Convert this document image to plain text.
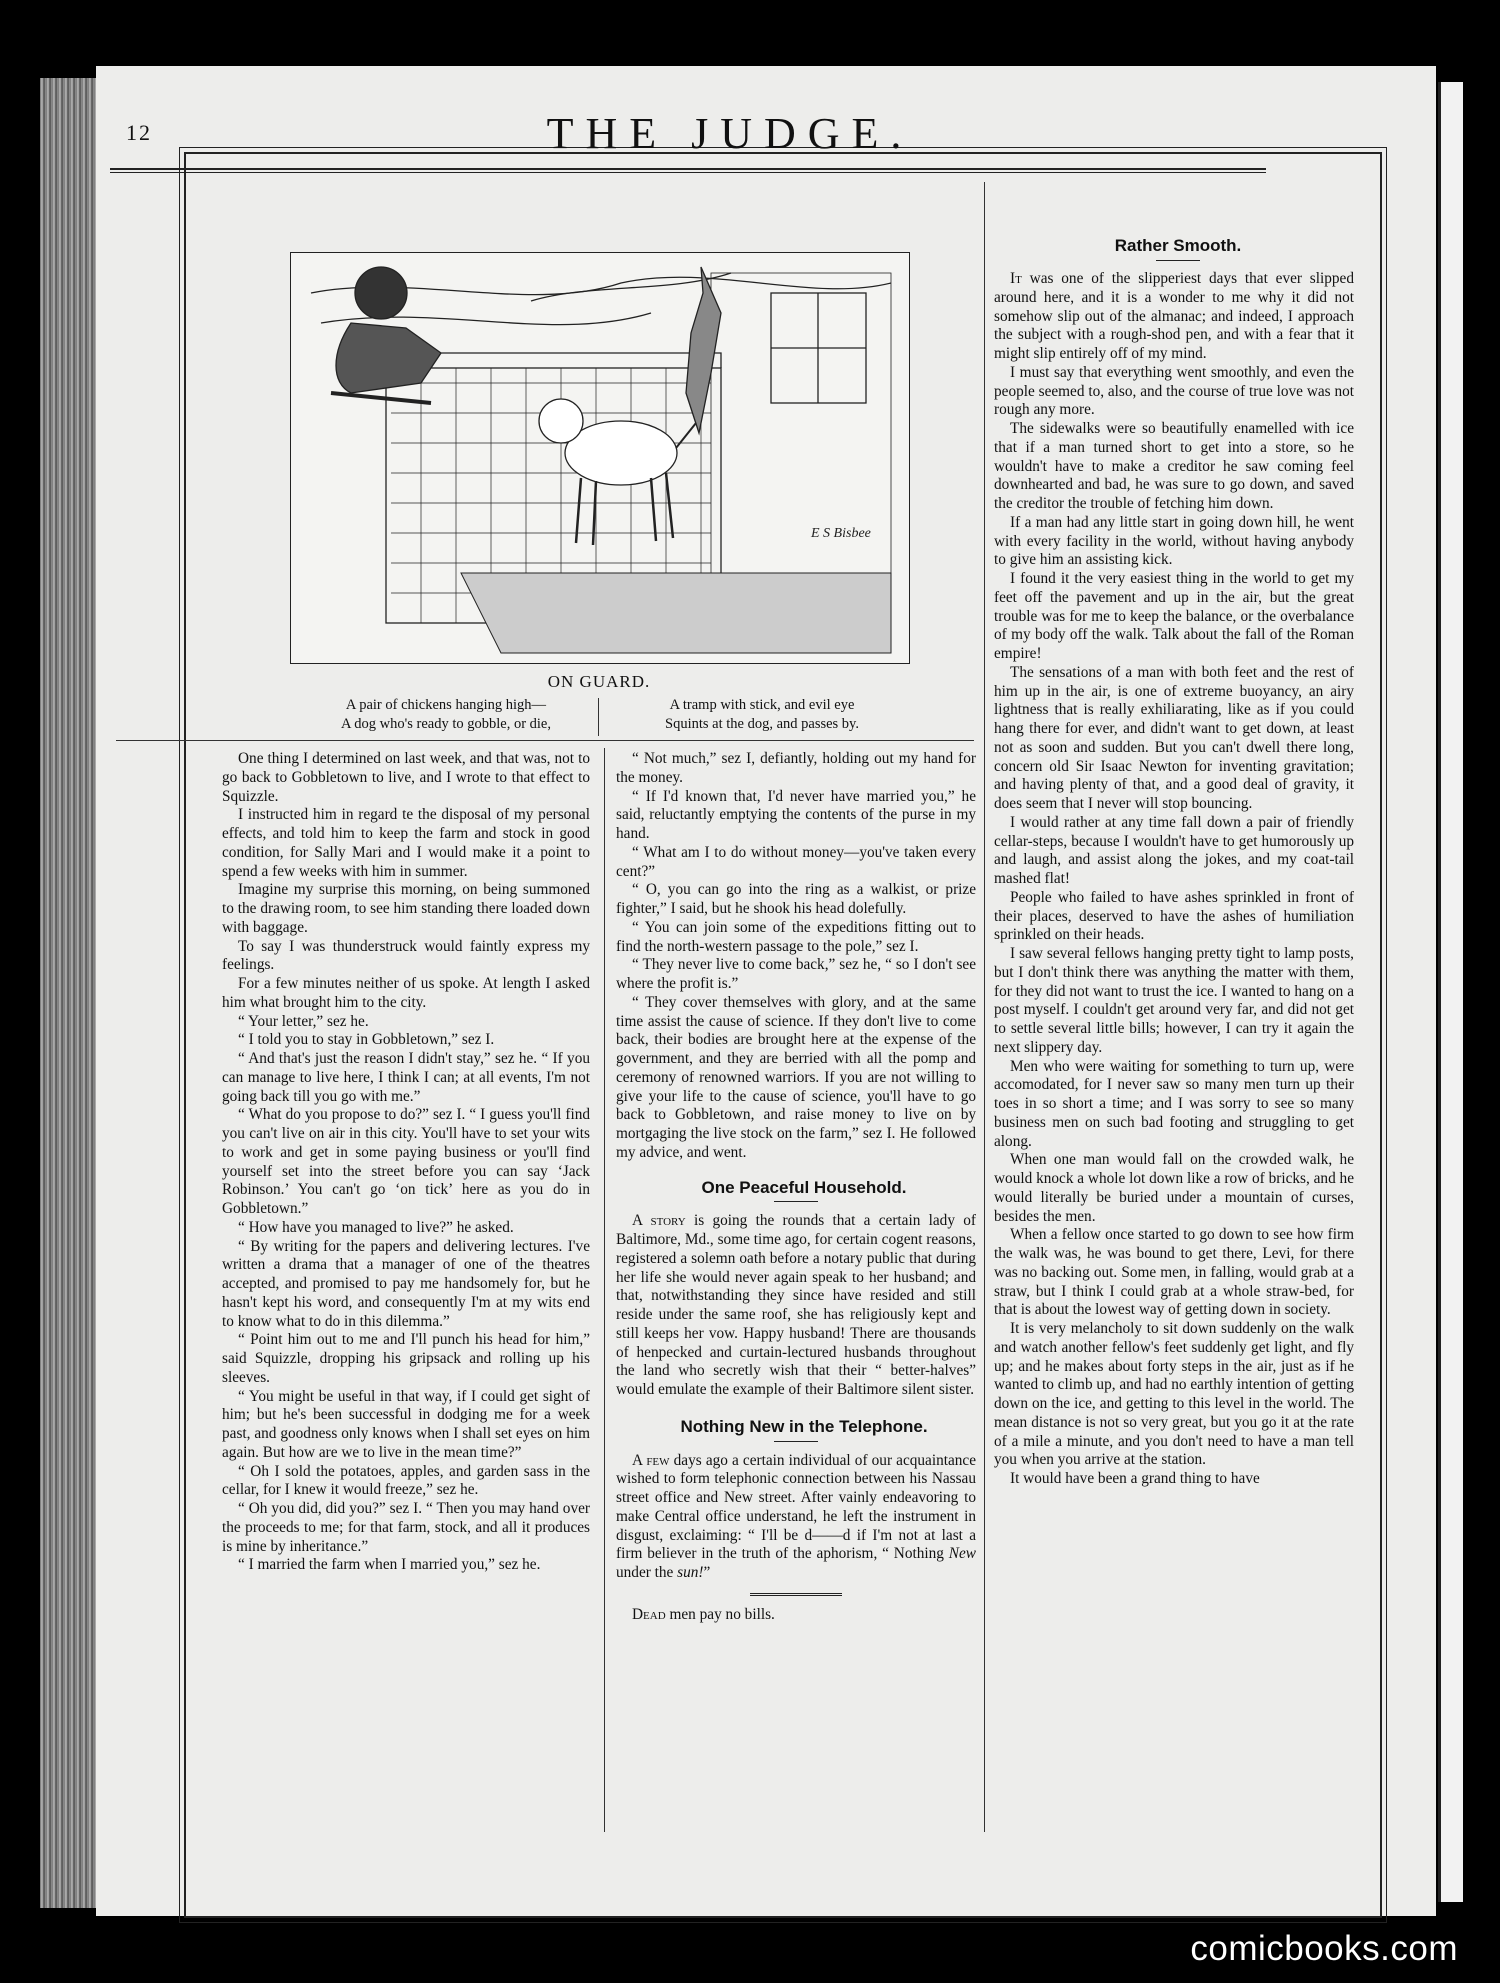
12	THE JUDGE.
E S Bisbee
ON GUARD.
A pair of chickens hanging high—
A dog who's ready to gobble, or die,
A tramp with stick, and evil eye
Squints at the dog, and passes by.

One thing I determined on last week, and that was, not to go back to Gobbletown to live, and I wrote to that effect to Squizzle.

I instructed him in regard te the disposal of my personal effects, and told him to keep the farm and stock in good condition, for Sally Mari and I would make it a point to spend a few weeks with him in summer.

Imagine my surprise this morning, on being summoned to the drawing room, to see him standing there loaded down with baggage.

To say I was thunderstruck would faintly express my feelings.

For a few minutes neither of us spoke. At length I asked him what brought him to the city.

“ Your letter,” sez he.

“ I told you to stay in Gobbletown,” sez I.

“ And that's just the reason I didn't stay,” sez he. “ If you can manage to live here, I think I can; at all events, I'm not going back till you go with me.”

“ What do you propose to do?” sez I. “ I guess you'll find you can't live on air in this city. You'll have to set your wits to work and get in some paying business or you'll find yourself set into the street before you can say ‘Jack Robinson.’ You can't go ‘on tick’ here as you do in Gobbletown.”

“ How have you managed to live?” he asked.

“ By writing for the papers and delivering lectures. I've written a drama that a manager of one of the theatres accepted, and promised to pay me handsomely for, but he hasn't kept his word, and consequently I'm at my wits end to know what to do in this dilemma.”

“ Point him out to me and I'll punch his head for him,” said Squizzle, dropping his gripsack and rolling up his sleeves.

“ You might be useful in that way, if I could get sight of him; but he's been successful in dodging me for a week past, and goodness only knows when I shall set eyes on him again. But how are we to live in the mean time?”

“ Oh I sold the potatoes, apples, and garden sass in the cellar, for I knew it would freeze,” sez he.

“ Oh you did, did you?” sez I. “ Then you may hand over the proceeds to me; for that farm, stock, and all it produces is mine by inheritance.”

“ I married the farm when I married you,” sez he.

“ Not much,” sez I, defiantly, holding out my hand for the money.

“ If I'd known that, I'd never have married you,” he said, reluctantly emptying the contents of the purse in my hand.

“ What am I to do without money—you've taken every cent?”

“ O, you can go into the ring as a walkist, or prize fighter,” I said, but he shook his head dolefully.

“ You can join some of the expeditions fitting out to find the north-western passage to the pole,” sez I.

“ They never live to come back,” sez he, “ so I don't see where the profit is.”

“ They cover themselves with glory, and at the same time assist the cause of science. If they don't live to come back, their bodies are brought here at the expense of the government, and they are berried with all the pomp and ceremony of renowned warriors. If you are not willing to give your life to the cause of science, you'll have to go back to Gobbletown, and raise money to live on by mortgaging the live stock on the farm,” sez I. He followed my advice, and went.

One Peaceful Household.

A story is going the rounds that a certain lady of Baltimore, Md., some time ago, for certain cogent reasons, registered a solemn oath before a notary public that during her life she would never again speak to her husband; and that, notwithstanding they since have resided and still reside under the same roof, she has religiously kept and still keeps her vow. Happy husband! There are thousands of henpecked and curtain-lectured husbands throughout the land who secretly wish that their “ better-halves” would emulate the example of their Baltimore silent sister.

Nothing New in the Telephone.

A few days ago a certain individual of our acquaintance wished to form telephonic connection between his Nassau street office and New street. After vainly endeavoring to make Central office understand, he left the instrument in disgust, exclaiming: “ I'll be d——d if I'm not at last a firm believer in the truth of the aphorism, “ Nothing New under the sun!”

Dead men pay no bills.

Rather Smooth.

It was one of the slipperiest days that ever slipped around here, and it is a wonder to me why it did not somehow slip out of the almanac; and indeed, I approach the subject with a rough-shod pen, and with a fear that it might slip entirely off of my mind.

I must say that everything went smoothly, and even the people seemed to, also, and the course of true love was not rough any more.

The sidewalks were so beautifully enamelled with ice that if a man turned short to get into a store, so he wouldn't have to make a creditor he saw coming feel downhearted and bad, he was sure to go down, and saved the creditor the trouble of fetching him down.

If a man had any little start in going down hill, he went with every facility in the world, without having anybody to give him an assisting kick.

I found it the very easiest thing in the world to get my feet off the pavement and up in the air, but the great trouble was for me to keep the balance, or the overbalance of my body off the walk. Talk about the fall of the Roman empire!

The sensations of a man with both feet and the rest of him up in the air, is one of extreme buoyancy, an airy lightness that is really exhiliarating, like as if you could hang there for ever, and didn't want to get down, at least not as soon and sudden. But you can't dwell there long, concern old Sir Isaac Newton for inventing gravitation; and having plenty of that, and a good deal of gravity, it does seem that I never will stop bouncing.

I would rather at any time fall down a pair of friendly cellar-steps, because I wouldn't have to get humorously up and laugh, and assist along the jokes, and my coat-tail mashed flat!

People who failed to have ashes sprinkled in front of their places, deserved to have the ashes of humiliation sprinkled on their heads.

I saw several fellows hanging pretty tight to lamp posts, but I don't think there was anything the matter with them, for they did not want to trust the ice. I wanted to hang on a post myself. I couldn't get around very far, and did not get to settle several little bills; however, I can try it again the next slippery day.

Men who were waiting for something to turn up, were accomodated, for I never saw so many men turn up their toes in so short a time; and I was sorry to see so many business men on such bad footing and struggling to get along.

When one man would fall on the crowded walk, he would knock a whole lot down like a row of bricks, and he would literally be buried under a mountain of curses, besides the men.

When a fellow once started to go down to see how firm the walk was, he was bound to get there, Levi, for there was no backing out. Some men, in falling, would grab at a straw, but I think I could grab at a whole straw-bed, for that is about the lowest way of getting down in society.

It is very melancholy to sit down suddenly on the walk and watch another fellow's feet suddenly get light, and fly up; and he makes about forty steps in the air, just as if he wanted to climb up, and had no earthly intention of getting down on the ice, and getting to this level in the world. The mean distance is not so very great, but you go it at the rate of a mile a minute, and you don't need to have a man tell you when you arrive at the station.

It would have been a grand thing to have

comicbooks.com
